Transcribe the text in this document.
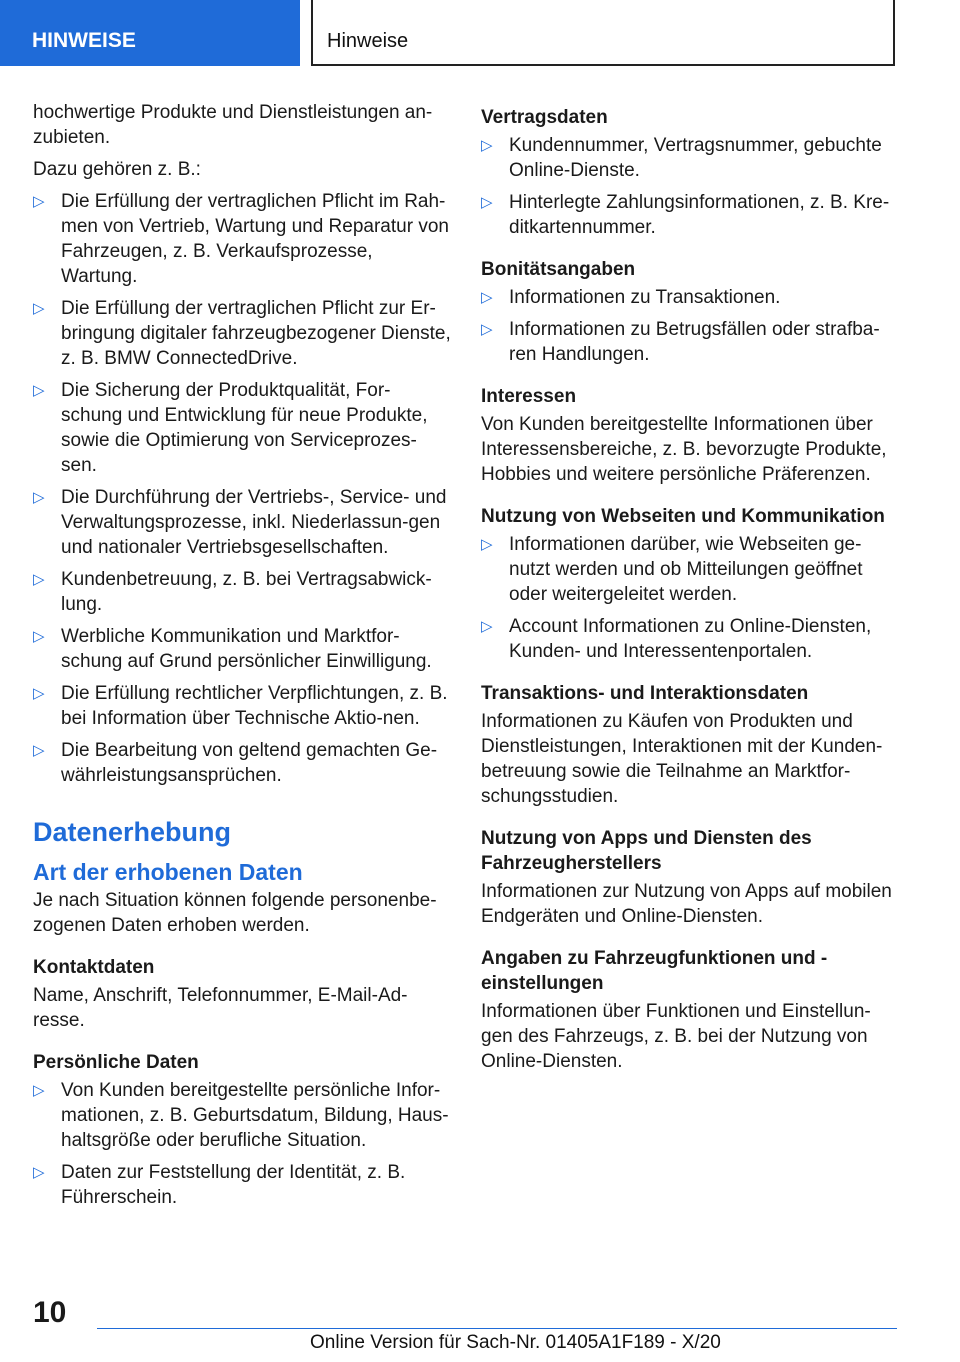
HINWEISE	Hinweise

hochwertige Produkte und Dienstleistungen an-zubieten.

Dazu gehören z. B.:

▷ Die Erfüllung der vertraglichen Pflicht im Rah-men von Vertrieb, Wartung und Reparatur von Fahrzeugen, z. B. Verkaufsprozesse, Wartung.
▷ Die Erfüllung der vertraglichen Pflicht zur Er-bringung digitaler fahrzeugbezogener Dienste, z. B. BMW ConnectedDrive.
▷ Die Sicherung der Produktqualität, For-schung und Entwicklung für neue Produkte, sowie die Optimierung von Serviceprozes-sen.
▷ Die Durchführung der Vertriebs-, Service- und Verwaltungsprozesse, inkl. Niederlassun-gen und nationaler Vertriebsgesellschaften.
▷ Kundenbetreuung, z. B. bei Vertragsabwick-lung.
▷ Werbliche Kommunikation und Marktfor-schung auf Grund persönlicher Einwilligung.
▷ Die Erfüllung rechtlicher Verpflichtungen, z. B. bei Information über Technische Aktio-nen.
▷ Die Bearbeitung von geltend gemachten Ge-währleistungsansprüchen.
Datenerhebung
Art der erhobenen Daten

Je nach Situation können folgende personenbe-zogenen Daten erhoben werden.

Kontaktdaten

Name, Anschrift, Telefonnummer, E-Mail-Ad-resse.

Persönliche Daten
▷ Von Kunden bereitgestellte persönliche Infor-mationen, z. B. Geburtsdatum, Bildung, Haus-haltsgröße oder berufliche Situation.
▷ Daten zur Feststellung der Identität, z. B. Führerschein.
Vertragsdaten
▷ Kundennummer, Vertragsnummer, gebuchte Online-Dienste.
▷ Hinterlegte Zahlungsinformationen, z. B. Kre-ditkartennummer.
Bonitätsangaben
▷ Informationen zu Transaktionen.
▷ Informationen zu Betrugsfällen oder strafba-ren Handlungen.
Interessen

Von Kunden bereitgestellte Informationen über Interessensbereiche, z. B. bevorzugte Produkte, Hobbies und weitere persönliche Präferenzen.

Nutzung von Webseiten und Kommunikation
▷ Informationen darüber, wie Webseiten ge-nutzt werden und ob Mitteilungen geöffnet oder weitergeleitet werden.
▷ Account Informationen zu Online-Diensten, Kunden- und Interessentenportalen.
Transaktions- und Interaktionsdaten

Informationen zu Käufen von Produkten und Dienstleistungen, Interaktionen mit der Kunden-betreuung sowie die Teilnahme an Marktfor-schungsstudien.

Nutzung von Apps und Diensten des Fahrzeugherstellers

Informationen zur Nutzung von Apps auf mobilen Endgeräten und Online-Diensten.

Angaben zu Fahrzeugfunktionen und -einstellungen

Informationen über Funktionen und Einstellun-gen des Fahrzeugs, z. B. bei der Nutzung von Online-Diensten.

10
Online Version für Sach-Nr. 01405A1F189 - X/20
